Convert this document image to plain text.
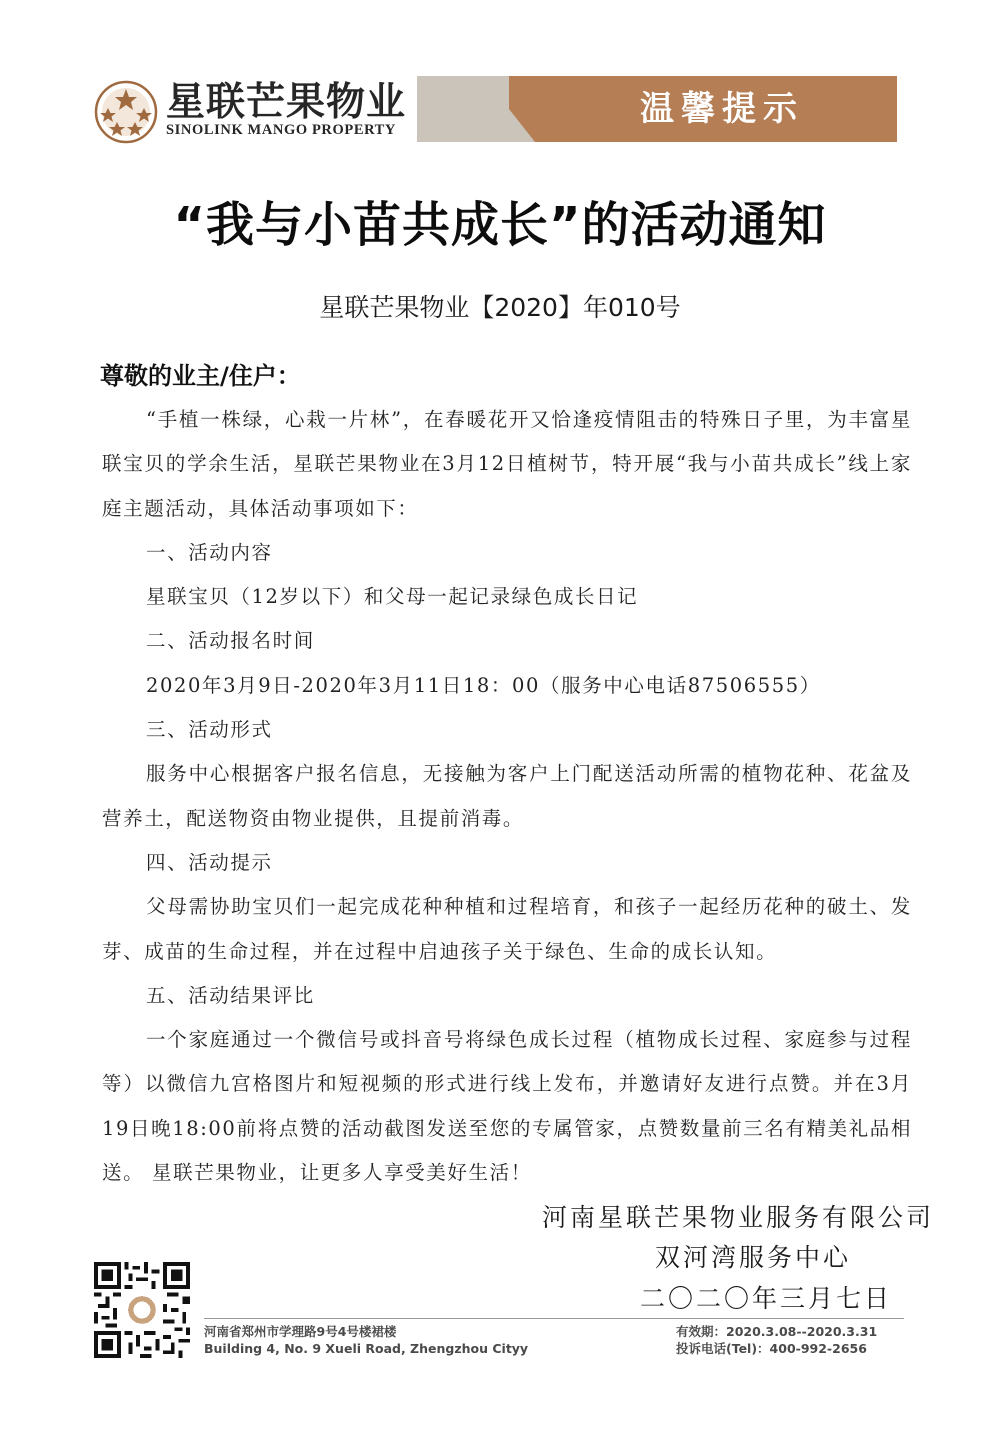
星联芒果物业
SINOLINK MANGO PROPERTY
温馨提示
“我与小苗共成长”的活动通知
星联芒果物业【2020】年010号
尊敬的业主/住户：

“手植一株绿，心栽一片林”，在春暖花开又恰逢疫情阻击的特殊日子里，为丰富星联宝贝的学余生活，星联芒果物业在3月12日植树节，特开展“我与小苗共成长”线上家庭主题活动，具体活动事项如下：

一、活动内容

星联宝贝（12岁以下）和父母一起记录绿色成长日记

二、活动报名时间

2020年3月9日-2020年3月11日18：00（服务中心电话87506555）

三、活动形式

服务中心根据客户报名信息，无接触为客户上门配送活动所需的植物花种、花盆及营养土，配送物资由物业提供，且提前消毒。

四、活动提示

父母需协助宝贝们一起完成花种种植和过程培育，和孩子一起经历花种的破土、发芽、成苗的生命过程，并在过程中启迪孩子关于绿色、生命的成长认知。

五、活动结果评比

一个家庭通过一个微信号或抖音号将绿色成长过程（植物成长过程、家庭参与过程等）以微信九宫格图片和短视频的形式进行线上发布，并邀请好友进行点赞。并在3月19日晚18:00前将点赞的活动截图发送至您的专属管家，点赞数量前三名有精美礼品相送。 星联芒果物业，让更多人享受美好生活！

河南星联芒果物业服务有限公司
双河湾服务中心
二〇二〇年三月七日
河南省郑州市学理路9号4号楼裙楼
Building 4, No. 9 Xueli Road, Zhengzhou Cityy
有效期：2020.3.08--2020.3.31
投诉电话(Tel)：400-992-2656
